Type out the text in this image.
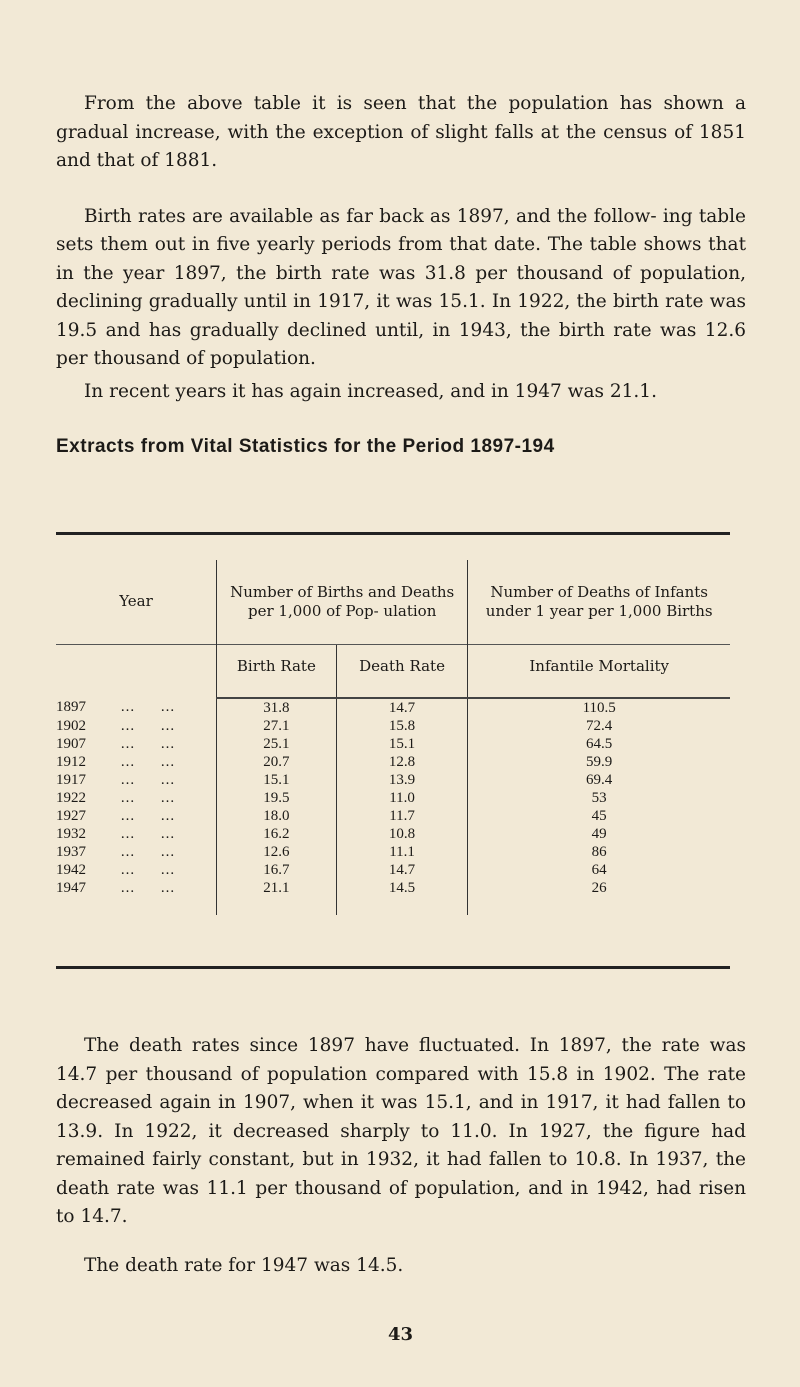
From the above table it is seen that the population has shown a gradual increase, with the exception of slight falls at the census of 1851 and that of 1881.

Birth rates are available as far back as 1897, and the follow- ing table sets them out in five yearly periods from that date. The table shows that in the year 1897, the birth rate was 31.8 per thousand of population, declining gradually until in 1917, it was 15.1. In 1922, the birth rate was 19.5 and has gradually declined until, in 1943, the birth rate was 12.6 per thousand of population.

In recent years it has again increased, and in 1947 was 21.1.

Extracts from Vital Statistics for the Period 1897-194
Year	Number of Births and Deaths per 1,000 of Pop- ulation		Number of Deaths of Infants under 1 year per 1,000 Births
	Birth Rate	Death Rate	Infantile Mortality

1897 ... ...	31.8	14.7	110.5
1902 ... ...	27.1	15.8	72.4
1907 ... ...	25.1	15.1	64.5
1912 ... ...	20.7	12.8	59.9
1917 ... ...	15.1	13.9	69.4
1922 ... ...	19.5	11.0	53
1927 ... ...	18.0	11.7	45
1932 ... ...	16.2	10.8	49
1937 ... ...	12.6	11.1	86
1942 ... ...	16.7	14.7	64
1947 ... ...	21.1	14.5	26

The death rates since 1897 have fluctuated. In 1897, the rate was 14.7 per thousand of population compared with 15.8 in 1902. The rate decreased again in 1907, when it was 15.1, and in 1917, it had fallen to 13.9. In 1922, it decreased sharply to 11.0. In 1927, the figure had remained fairly constant, but in 1932, it had fallen to 10.8. In 1937, the death rate was 11.1 per thousand of population, and in 1942, had risen to 14.7.

The death rate for 1947 was 14.5.

43
